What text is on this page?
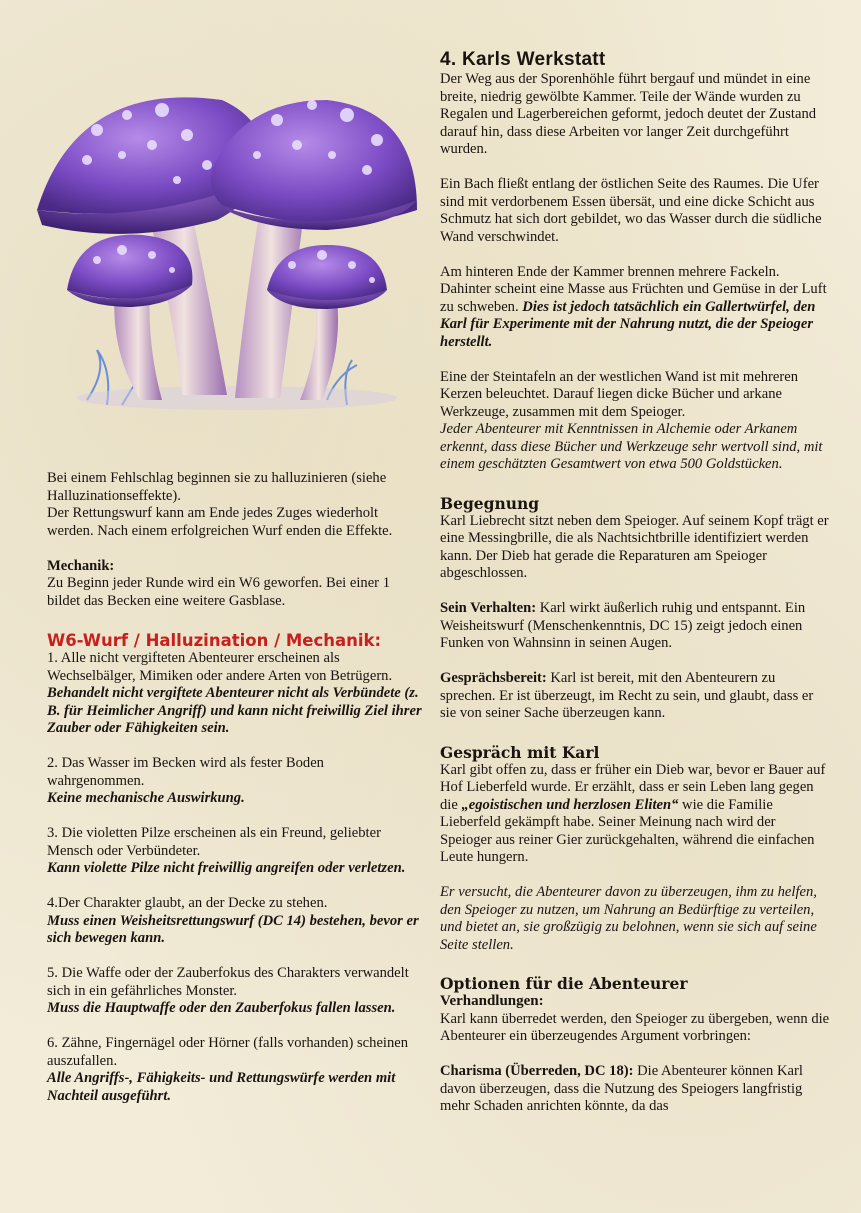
Bei einem Fehlschlag beginnen sie zu halluzinieren (siehe Halluzinationseffekte).

Der Rettungswurf kann am Ende jedes Zuges wiederholt werden. Nach einem erfolgreichen Wurf enden die Effekte.

Mechanik:

Zu Beginn jeder Runde wird ein W6 geworfen. Bei einer 1 bildet das Becken eine weitere Gasblase.

W6-Wurf / Halluzination / Mechanik:

1. Alle nicht vergifteten Abenteurer erscheinen als Wechselbälger, Mimiken oder andere Arten von Betrügern.

Behandelt nicht vergiftete Abenteurer nicht als Verbündete (z. B. für Heimlicher Angriff) und kann nicht freiwillig Ziel ihrer Zauber oder Fähigkeiten sein.

2. Das Wasser im Becken wird als fester Boden wahrgenommen.

Keine mechanische Auswirkung.

3. Die violetten Pilze erscheinen als ein Freund, geliebter Mensch oder Verbündeter.

Kann violette Pilze nicht freiwillig angreifen oder verletzen.

4.Der Charakter glaubt, an der Decke zu stehen.

Muss einen Weisheitsrettungswurf (DC 14) bestehen, bevor er sich bewegen kann.

5. Die Waffe oder der Zauberfokus des Charakters verwandelt sich in ein gefährliches Monster.

Muss die Hauptwaffe oder den Zauberfokus fallen lassen.

6. Zähne, Fingernägel oder Hörner (falls vorhanden) scheinen auszufallen.

Alle Angriffs-, Fähigkeits- und Rettungswürfe werden mit Nachteil ausgeführt.

4. Karls Werkstatt

Der Weg aus der Sporenhöhle führt bergauf und mündet in eine breite, niedrig gewölbte Kammer. Teile der Wände wurden zu Regalen und Lagerbereichen geformt, jedoch deutet der Zustand darauf hin, dass diese Arbeiten vor langer Zeit durchgeführt wurden.

Ein Bach fließt entlang der östlichen Seite des Raumes. Die Ufer sind mit verdorbenem Essen übersät, und eine dicke Schicht aus Schmutz hat sich dort gebildet, wo das Wasser durch die südliche Wand verschwindet.

Am hinteren Ende der Kammer brennen mehrere Fackeln. Dahinter scheint eine Masse aus Früchten und Gemüse in der Luft zu schweben. Dies ist jedoch tatsächlich ein Gallertwürfel, den Karl für Experimente mit der Nahrung nutzt, die der Speioger herstellt.

Eine der Steintafeln an der westlichen Wand ist mit mehreren Kerzen beleuchtet. Darauf liegen dicke Bücher und arkane Werkzeuge, zusammen mit dem Speioger.

Jeder Abenteurer mit Kenntnissen in Alchemie oder Arkanem erkennt, dass diese Bücher und Werkzeuge sehr wertvoll sind, mit einem geschätzten Gesamtwert von etwa 500 Goldstücken.

Begegnung

Karl Liebrecht sitzt neben dem Speioger. Auf seinem Kopf trägt er eine Messingbrille, die als Nachtsichtbrille identifiziert werden kann. Der Dieb hat gerade die Reparaturen am Speioger abgeschlossen.

Sein Verhalten: Karl wirkt äußerlich ruhig und entspannt. Ein Weisheitswurf (Menschenkenntnis, DC 15) zeigt jedoch einen Funken von Wahnsinn in seinen Augen.

Gesprächsbereit: Karl ist bereit, mit den Abenteurern zu sprechen. Er ist überzeugt, im Recht zu sein, und glaubt, dass er sie von seiner Sache überzeugen kann.

Gespräch mit Karl

Karl gibt offen zu, dass er früher ein Dieb war, bevor er Bauer auf Hof Lieberfeld wurde. Er erzählt, dass er sein Leben lang gegen die „egoistischen und herzlosen Eliten“ wie die Familie Lieberfeld gekämpft habe. Seiner Meinung nach wird der Speioger aus reiner Gier zurückgehalten, während die einfachen Leute hungern.

Er versucht, die Abenteurer davon zu überzeugen, ihm zu helfen, den Speioger zu nutzen, um Nahrung an Bedürftige zu verteilen, und bietet an, sie großzügig zu belohnen, wenn sie sich auf seine Seite stellen.

Optionen für die Abenteurer

Verhandlungen:

Karl kann überredet werden, den Speioger zu übergeben, wenn die Abenteurer ein überzeugendes Argument vorbringen:

Charisma (Überreden, DC 18): Die Abenteurer können Karl davon überzeugen, dass die Nutzung des Speiogers langfristig mehr Schaden anrichten könnte, da das
